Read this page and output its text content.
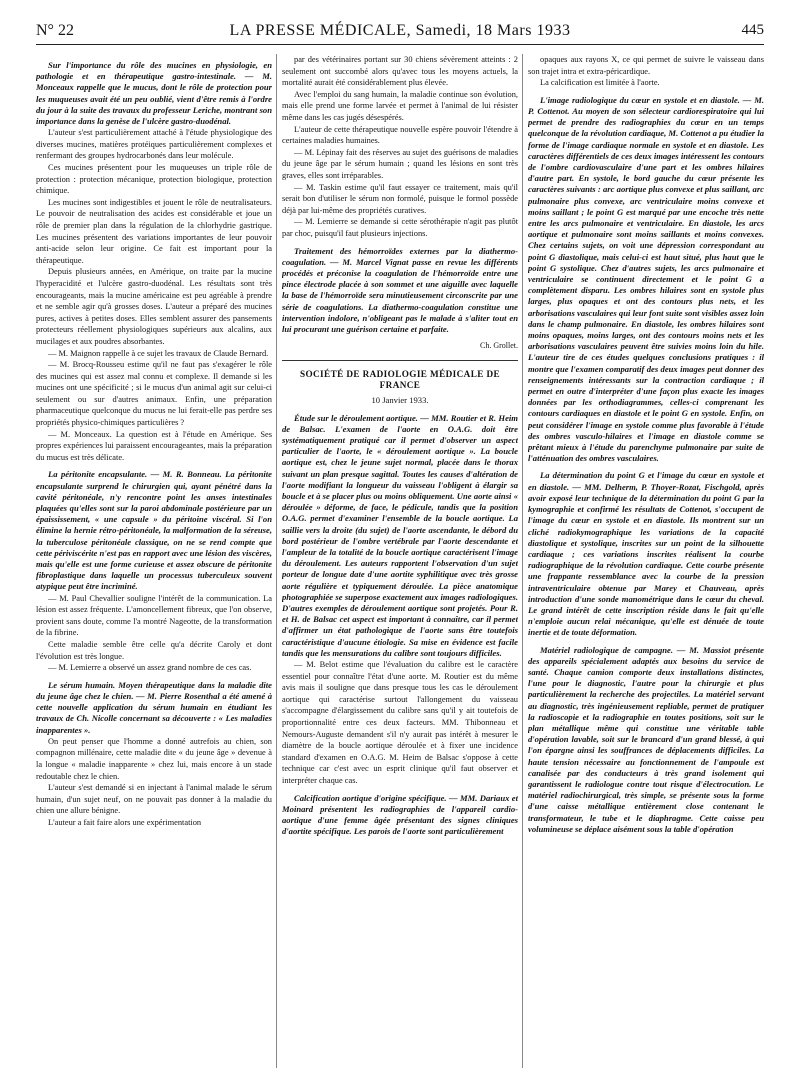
N° 22	LA PRESSE MÉDICALE, Samedi, 18 Mars 1933	445
Sur l'importance du rôle des mucines en physiologie, en pathologie et en thérapeutique gastro-intestinale. — M. Monceaux rappelle que le mucus, dont le rôle de protection pour les muqueuses avait été un peu oublié, vient d'être remis à l'ordre du jour à la suite des travaux du professeur Leriche, montrant son importance dans la genèse de l'ulcère gastro-duodénal.

L'auteur s'est particulièrement attaché à l'étude physiologique des diverses mucines, matières protéiques particulièrement complexes et renfermant des groupes hydrocarbonés dans leur molécule.

Ces mucines présentent pour les muqueuses un triple rôle de protection : protection mécanique, protection biologique, protection chimique.

Les mucines sont indigestibles et jouent le rôle de neutralisateurs. Le pouvoir de neutralisation des acides est considérable et joue un rôle de premier plan dans la régulation de la chlorhydrie gastrique. Les mucines présentent des variations importantes de leur pouvoir anti-acide selon leur origine. Ce fait est important pour la thérapeutique.

Depuis plusieurs années, en Amérique, on traite par la mucine l'hyperacidité et l'ulcère gastro-duodénal. Les résultats sont très encourageants, mais la mucine américaine est peu agréable à prendre et ne semble agir qu'à grosses doses. L'auteur a préparé des mucines pures, actives à petites doses. Elles semblent assurer des pansements protecteurs réellement physiologiques supérieurs aux alcalins, aux mucilages et aux poudres absorbantes.

— M. Maignon rappelle à ce sujet les travaux de Claude Bernard.

— M. Brocq-Rousseu estime qu'il ne faut pas s'exagérer le rôle des mucines qui est assez mal connu et complexe. Il demande si les mucines ont une spécificité ; si le mucus d'un animal agit sur celui-ci seulement ou sur d'autres animaux. Enfin, une préparation pharmaceutique quelconque du mucus ne lui ferait-elle pas perdre ses propriétés physico-chimiques particulières ?

— M. Monceaux. La question est à l'étude en Amérique. Ses propres expériences lui paraissent encourageantes, mais la préparation du mucus est très délicate.

La péritonite encapsulante. — M. R. Bonneau. La péritonite encapsulante surprend le chirurgien qui, ayant pénétré dans la cavité péritonéale, n'y rencontre point les anses intestinales plaquées qu'elles sont sur la paroi abdominale postérieure par un épaississement, « une capsule » du péritoine viscéral. Si l'on élimine la hernie rétro-péritonéale, la malformation de la séreuse, la tuberculose péritonéale classique, on ne se rend compte que cette périviscérite n'est pas en rapport avec une lésion des viscères, mais qu'elle est une forme curieuse et assez obscure de péritonite fibroplastique dans laquelle un processus tuberculeux souvent atypique peut être incriminé.

— M. Paul Chevallier souligne l'intérêt de la communication. La lésion est assez fréquente. L'amoncellement fibreux, que l'on observe, provient sans doute, comme l'a montré Nageotte, de la transformation de la fibrine.

Cette maladie semble être celle qu'a décrite Caroly et dont l'évolution est très longue.

— M. Lemierre a observé un assez grand nombre de ces cas.

Le sérum humain. Moyen thérapeutique dans la maladie dite du jeune âge chez le chien. — M. Pierre Rosenthal a été amené à cette nouvelle application du sérum humain en étudiant les travaux de Ch. Nicolle concernant sa découverte : « Les maladies inapparentes ».

On peut penser que l'homme a donné autrefois au chien, son compagnon millénaire, cette maladie dite « du jeune âge » devenue à la longue « maladie inapparente » chez lui, mais encore à un stade redoutable chez le chien.

L'auteur s'est demandé si en injectant à l'animal malade le sérum humain, d'un sujet neuf, on ne pouvait pas donner à la maladie du chien une allure bénigne.

L'auteur a fait faire alors une expérimentation

par des vétérinaires portant sur 30 chiens sévèrement atteints : 2 seulement ont succombé alors qu'avec tous les moyens actuels, la mortalité aurait été considérablement plus élevée.

Avec l'emploi du sang humain, la maladie continue son évolution, mais elle prend une forme larvée et permet à l'animal de lui résister même dans les cas jugés désespérés.

L'auteur de cette thérapeutique nouvelle espère pouvoir l'étendre à certaines maladies humaines.

— M. Lépinay fait des réserves au sujet des guérisons de maladies du jeune âge par le sérum humain ; quand les lésions en sont très graves, elles sont irréparables.

— M. Taskin estime qu'il faut essayer ce traitement, mais qu'il serait bon d'utiliser le sérum non formolé, puisque le formol possède déjà par lui-même des propriétés curatives.

— M. Lemierre se demande si cette sérothérapie n'agit pas plutôt par choc, puisqu'il faut plusieurs injections.

Traitement des hémorroïdes externes par la diathermo-coagulation. — M. Marcel Vignat passe en revue les différents procédés et préconise la coagulation de l'hémorroïde entre une pince électrode placée à son sommet et une aiguille avec laquelle la base de l'hémorroïde sera minutieusement circonscrite par une série de coagulations. La diathermo-coagulation constitue une intervention indolore, n'obligeant pas le malade à s'aliter tout en lui procurant une guérison certaine et parfaite.
Ch. Grollet.
SOCIÉTÉ DE RADIOLOGIE MÉDICALE DE FRANCE
10 Janvier 1933.
Étude sur le déroulement aortique. — MM. Routier et R. Heim de Balsac. L'examen de l'aorte en O.A.G. doit être systématiquement pratiqué car il permet d'observer un aspect particulier de l'aorte, le « déroulement aortique ». La boucle aortique est, chez le jeune sujet normal, placée dans le thorax suivant un plan presque sagittal. Toutes les causes d'altération de l'aorte modifiant la longueur du vaisseau l'obligent à élargir sa boucle et à se placer plus ou moins obliquement. Une aorte ainsi « déroulée » déforme, de face, le pédicule, tandis que la position O.A.G. permet d'examiner l'ensemble de la boucle aortique. La saillie vers la droite (du sujet) de l'aorte ascendante, le débord du bord postérieur de l'ombre vertébrale par l'aorte descendante et l'ampleur de la totalité de la boucle aortique caractérisent l'image du déroulement. Les auteurs rapportent l'observation d'un sujet porteur de longue date d'une aortite syphilitique avec très grosse aorte régulière et typiquement déroulée. La pièce anatomique photographiée se superpose exactement aux images radiologiques. D'autres exemples de déroulement aortique sont projetés. Pour R. et H. de Balsac cet aspect est important à connaître, car il permet d'affirmer un état pathologique de l'aorte sans être toutefois caractéristique d'aucune étiologie. Sa mise en évidence est facile tandis que les mensurations du calibre sont toujours difficiles.

— M. Belot estime que l'évaluation du calibre est le caractère essentiel pour connaître l'état d'une aorte. M. Routier est du même avis mais il souligne que dans presque tous les cas le déroulement aortique qui caractérise surtout l'allongement du vaisseau s'accompagne d'élargissement du calibre sans qu'il y ait toutefois de proportionnalité entre ces deux facteurs. MM. Thibonneau et Nemours-Auguste demandent s'il n'y aurait pas intérêt à mesurer le diamètre de la boucle aortique déroulée et à fixer une incidence standard d'examen en O.A.G. M. Heim de Balsac s'oppose à cette technique car c'est avec un esprit clinique qu'il faut observer et interpréter chaque cas.

Calcification aortique d'origine spécifique. — MM. Dariaux et Moinard présentent les radiographies de l'appareil cardio-aortique d'une femme âgée présentant des signes cliniques d'aortite spécifique. Les parois de l'aorte sont particulièrement

opaques aux rayons X, ce qui permet de suivre le vaisseau dans son trajet intra et extra-péricardique.

La calcification est limitée à l'aorte.

L'image radiologique du cœur en systole et en diastole. — M. P. Cottenot. Au moyen de son sélecteur cardiorespiratoire qui lui permet de prendre des radiographies du cœur en un temps quelconque de la révolution cardiaque, M. Cottenot a pu étudier la forme de l'image cardiaque normale en systole et en diastole. Les caractères différentiels de ces deux images intéressent les contours de l'ombre cardiovasculaire d'une part et les ombres hilaires d'autre part. En systole, le bord gauche du cœur présente les caractères suivants : arc aortique plus convexe et plus saillant, arc pulmonaire plus convexe, arc ventriculaire moins convexe et moins saillant ; le point G est marqué par une encoche très nette entre les arcs pulmonaire et ventriculaire. En diastole, les arcs aortique et pulmonaire sont moins saillants et moins convexes. Chez certains sujets, on voit une dépression correspondant au point G diastolique, mais celui-ci est haut situé, plus haut que le point G systolique. Chez d'autres sujets, les arcs pulmonaire et ventriculaire se continuent directement et le point G a complètement disparu. Les ombres hilaires sont en systole plus larges, plus opaques et ont des contours plus nets, et les arborisations vasculaires qui leur font suite sont visibles assez loin dans le champ pulmonaire. En diastole, les ombres hilaires sont moins opaques, moins larges, ont des contours moins nets et les arborisations vasculaires peuvent être suivies moins loin du hile. L'auteur tire de ces études quelques conclusions pratiques : il montre que l'examen comparatif des deux images peut donner des renseignements intéressants sur la contraction cardiaque ; il permet en outre d'interpréter d'une façon plus exacte les images données par les orthodiagrammes, celles-ci comprenant les contours cardiaques en diastole et le point G en systole. Enfin, on peut considérer l'image en systole comme plus favorable à l'étude des ombres vasculo-hilaires et l'image en diastole comme se prêtant mieux à l'étude du parenchyme pulmonaire par suite de l'atténuation des ombres vasculaires.
La détermination du point G et l'image du cœur en systole et en diastole. — MM. Delherm, P. Thoyer-Rozat, Fischgold, après avoir exposé leur technique de la détermination du point G par la kymographie et confirmé les résultats de Cottenot, s'occupent de l'image du cœur en systole et en diastole. Ils montrent sur un cliché radiokymographique les variations de la capacité diastolique et systolique, inscrites sur un point de la silhouette cardiaque ; ces variations inscrites réalisent la courbe radiographique de la révolution cardiaque. Cette courbe présente une frappante ressemblance avec la courbe de la pression intraventriculaire obtenue par Marey et Chauveau, après introduction d'une sonde manométrique dans le cœur du cheval. Le grand intérêt de cette inscription réside dans le fait qu'elle n'emploie aucun relai mécanique, qu'elle est dénuée de toute inertie et de toute déformation.
Matériel radiologique de campagne. — M. Massiot présente des appareils spécialement adaptés aux besoins du service de santé. Chaque camion comporte deux installations distinctes, l'une pour le diagnostic, l'autre pour la chirurgie et plus particulièrement la recherche des projectiles. La matériel servant au diagnostic, très ingénieusement repliable, permet de pratiquer la radioscopie et la radiographie en toutes positions, soit sur le plan métallique même qui constitue une véritable table d'opération lavable, soit sur le brancard d'un grand blessé, à qui l'on épargne ainsi les souffrances de déplacements difficiles. La haute tension nécessaire au fonctionnement de l'ampoule est canalisée par des conducteurs à très grand isolement qui garantissent le radiologue contre tout risque d'électrocution. Le matériel radiochirurgical, très simple, se présente sous la forme d'une caisse métallique entièrement close contenant le transformateur, le tube et le diaphragme. Cette caisse peu volumineuse se déplace aisément sous la table d'opération
